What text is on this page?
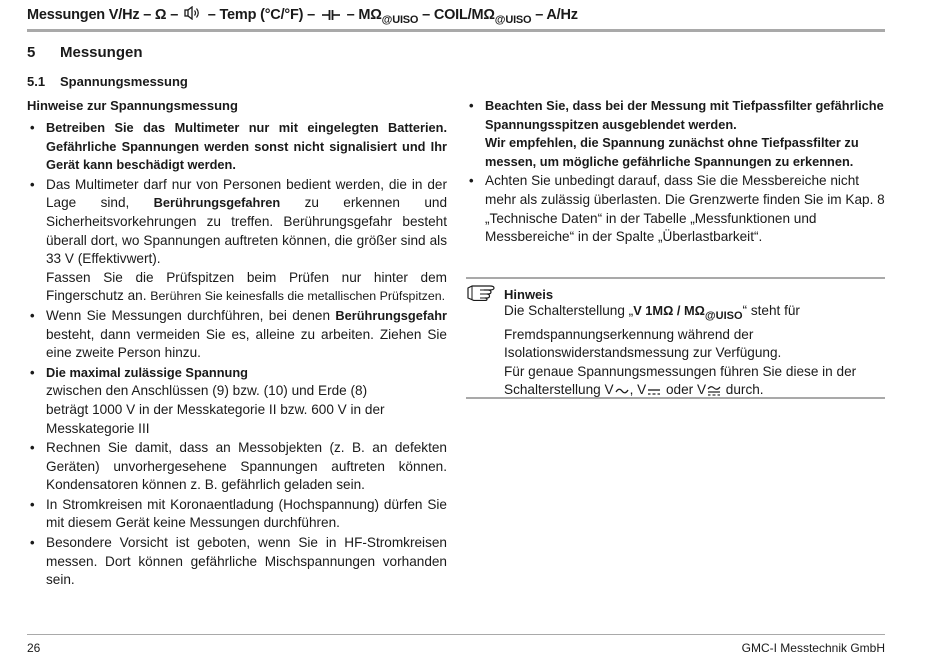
Messungen V/Hz – Ω – – Temp (°C/°F) – – $M\Omega_{@UISO}$ – COIL/$M\Omega_{@UISO} - A/Hz$
5 Messungen
5.1 Spannungsmessung
Hinweise zur Spannungsmessung
• Betreiben Sie das Multimeter nur mit eingelegten Batterien. Gefährliche Spannungen werden sonst nicht signalisiert und Ihr Gerät kann beschädigt werden.
• Das Multimeter darf nur von Personen bedient werden, die in der Lage sind, Berührungsgefahren zu erkennen und Sicherheitsvorkehrungen zu treffen. Berührungsgefahr besteht überall dort, wo Spannungen auftreten können, die größer sind als 33 V (Effektivwert).
Fassen Sie die Prüfspitzen beim Prüfen nur hinter dem Fingerschutz an. Berühren Sie keinesfalls die metallischen Prüfspitzen.
• Wenn Sie Messungen durchführen, bei denen Berührungsgefahr besteht, dann vermeiden Sie es, alleine zu arbeiten. Ziehen Sie eine zweite Person hinzu.
• Die maximal zulässige Spannung
zwischen den Anschlüssen (9) bzw. (10) und Erde (8)
beträgt 1000 V in der Messkategorie II bzw. 600 V in der Messkategorie III
• Rechnen Sie damit, dass an Messobjekten (z. B. an defekten Geräten) unvorhergesehene Spannungen auftreten können. Kondensatoren können z. B. gefährlich geladen sein.
• In Stromkreisen mit Koronaentladung (Hochspannung) dürfen Sie mit diesem Gerät keine Messungen durchführen.
• Besondere Vorsicht ist geboten, wenn Sie in HF-Stromkreisen messen. Dort können gefährliche Mischspannungen vorhanden sein.
• Beachten Sie, dass bei der Messung mit Tiefpassfilter gefährliche Spannungsspitzen ausgeblendet werden.
Wir empfehlen, die Spannung zunächst ohne Tiefpassfilter zu messen, um mögliche gefährliche Spannungen zu erkennen.
• Achten Sie unbedingt darauf, dass Sie die Messbereiche nicht mehr als zulässig überlasten. Die Grenzwerte finden Sie im Kap. 8 „Technische Daten“ in der Tabelle „Messfunktionen und Messbereiche“ in der Spalte „Überlastbarkeit“.
Hinweis

Die Schalterstellung „V $1M\Omega / M\Omega_{@UISO}“$ steht für Fremdspannungserkennung während der Isolationswiderstandsmessung zur Verfügung.

Für genaue Spannungsmessungen führen Sie diese in der Schalterstellung V , V oder V durch.

26	GMC-I Messtechnik GmbH
